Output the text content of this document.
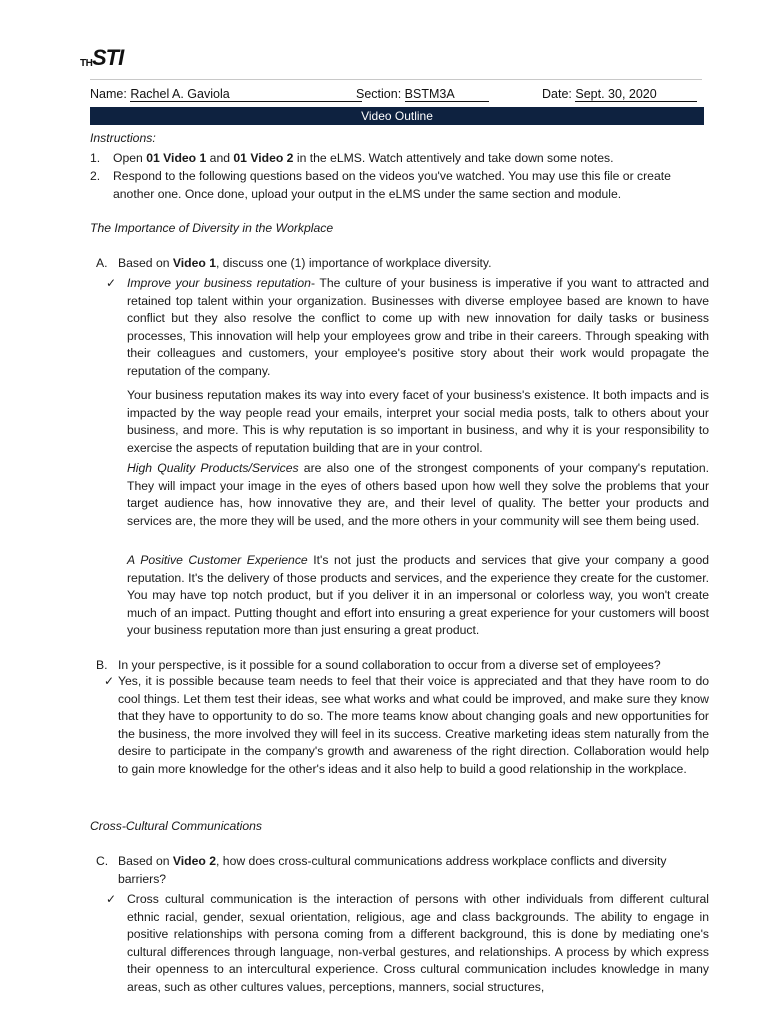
TH STI
Name: Rachel A. Gaviola	Section: BSTM3A	Date: Sept. 30, 2020
Video Outline
Instructions:
1. Open 01 Video 1 and 01 Video 2 in the eLMS. Watch attentively and take down some notes.
2. Respond to the following questions based on the videos you've watched. You may use this file or create
another one. Once done, upload your output in the eLMS under the same section and module.
The Importance of Diversity in the Workplace
A. Based on Video 1, discuss one (1) importance of workplace diversity.
✓ Improve your business reputation- The culture of your business is imperative if you want to attracted and retained top talent within your organization. Businesses with diverse employee based are known to have conflict but they also resolve the conflict to come up with new innovation for daily tasks or business processes, This innovation will help your employees grow and tribe in their careers. Through speaking with their colleagues and customers, your employee's positive story about their work would propagate the reputation of the company.
Your business reputation makes its way into every facet of your business's existence. It both impacts and is impacted by the way people read your emails, interpret your social media posts, talk to others about your business, and more. This is why reputation is so important in business, and why it is your responsibility to exercise the aspects of reputation building that are in your control.
High Quality Products/Services are also one of the strongest components of your company's reputation. They will impact your image in the eyes of others based upon how well they solve the problems that your target audience has, how innovative they are, and their level of quality. The better your products and services are, the more they will be used, and the more others in your community will see them being used.
A Positive Customer Experience It's not just the products and services that give your company a good reputation. It's the delivery of those products and services, and the experience they create for the customer. You may have top notch product, but if you deliver it in an impersonal or colorless way, you won't create much of an impact. Putting thought and effort into ensuring a great experience for your customers will boost your business reputation more than just ensuring a great product.
B. In your perspective, is it possible for a sound collaboration to occur from a diverse set of employees?
✓ Yes, it is possible because team needs to feel that their voice is appreciated and that they have room to do cool things. Let them test their ideas, see what works and what could be improved, and make sure they know that they have to opportunity to do so. The more teams know about changing goals and new opportunities for the business, the more involved they will feel in its success. Creative marketing ideas stem naturally from the desire to participate in the company's growth and awareness of the right direction. Collaboration would help to gain more knowledge for the other's ideas and it also help to build a good relationship in the workplace.
Cross-Cultural Communications
C. Based on Video 2, how does cross-cultural communications address workplace conflicts and diversity
barriers?
✓ Cross cultural communication is the interaction of persons with other individuals from different cultural ethnic racial, gender, sexual orientation, religious, age and class backgrounds. The ability to engage in positive relationships with persona coming from a different background, this is done by mediating one's cultural differences through language, non-verbal gestures, and relationships. A process by which express their openness to an intercultural experience. Cross cultural communication includes knowledge in many areas, such as other cultures values, perceptions, manners, social structures,
